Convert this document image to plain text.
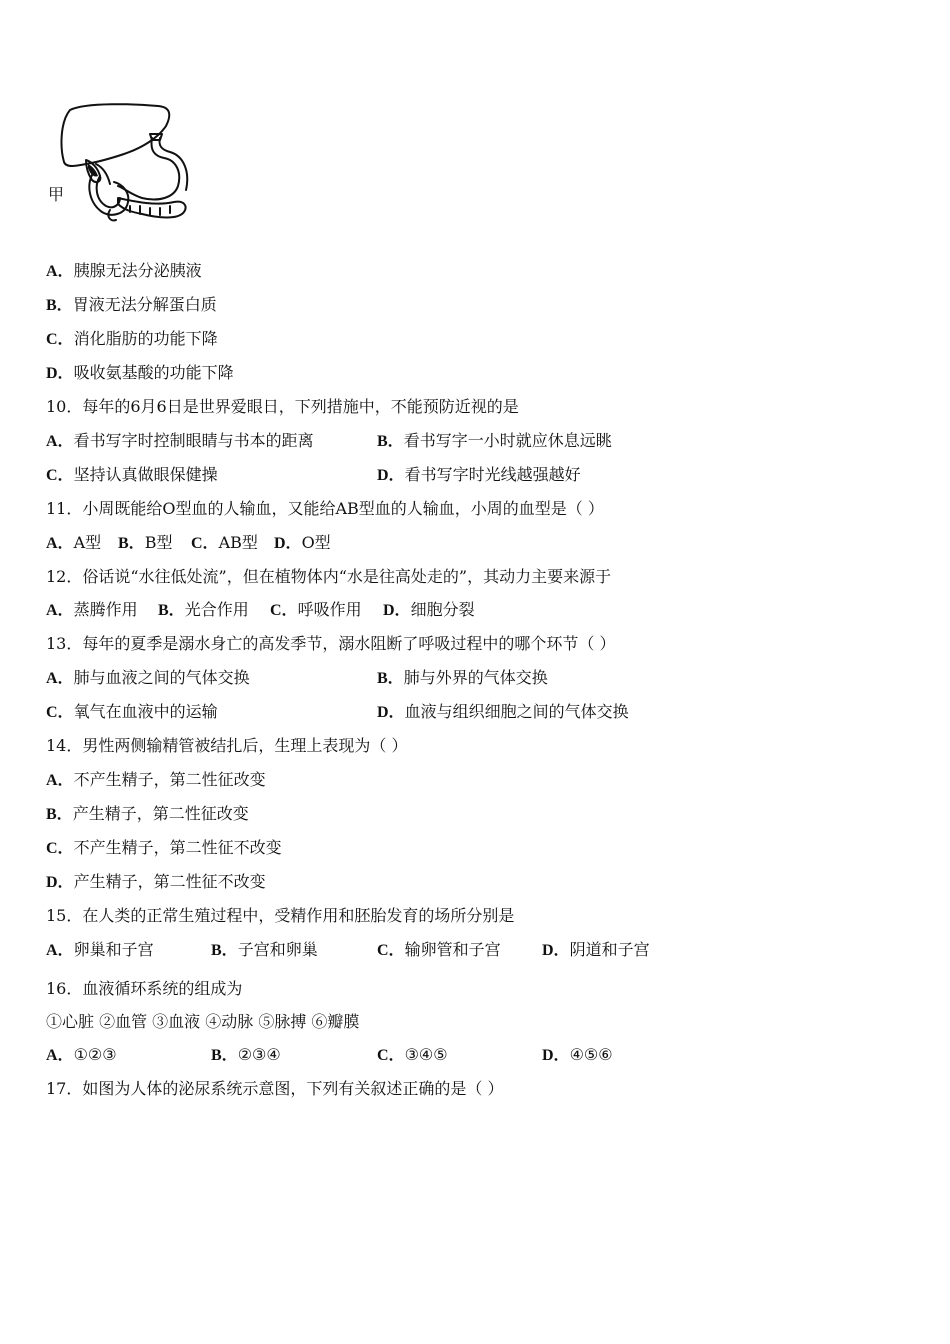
甲
A．胰腺无法分泌胰液
B．胃液无法分解蛋白质
C．消化脂肪的功能下降
D．吸收氨基酸的功能下降
10．每年的6月6日是世界爱眼日，下列措施中，不能预防近视的是
A．看书写字时控制眼睛与书本的距离	B．看书写字一小时就应休息远眺
C．坚持认真做眼保健操	D．看书写字时光线越强越好
11．小周既能给O型血的人输血，又能给AB型血的人输血，小周的血型是（ ）
A．A型 B．B型 C．AB型 D．O型
12．俗话说“水往低处流”，但在植物体内“水是往高处走的”，其动力主要来源于
A．蒸腾作用 B．光合作用 C．呼吸作用 D．细胞分裂
13．每年的夏季是溺水身亡的高发季节，溺水阻断了呼吸过程中的哪个环节（ ）
A．肺与血液之间的气体交换	B．肺与外界的气体交换
C．氧气在血液中的运输	D．血液与组织细胞之间的气体交换
14．男性两侧输精管被结扎后，生理上表现为（ ）
A．不产生精子，第二性征改变
B．产生精子，第二性征改变
C．不产生精子，第二性征不改变
D．产生精子，第二性征不改变
15．在人类的正常生殖过程中，受精作用和胚胎发育的场所分别是
A．卵巢和子宫	B．子宫和卵巢	C．输卵管和子宫	D．阴道和子宫
16．血液循环系统的组成为
①心脏 ②血管 ③血液 ④动脉 ⑤脉搏 ⑥瓣膜
A．①②③	B．②③④	C．③④⑤	D．④⑤⑥
17．如图为人体的泌尿系统示意图，下列有关叙述正确的是（ ）
